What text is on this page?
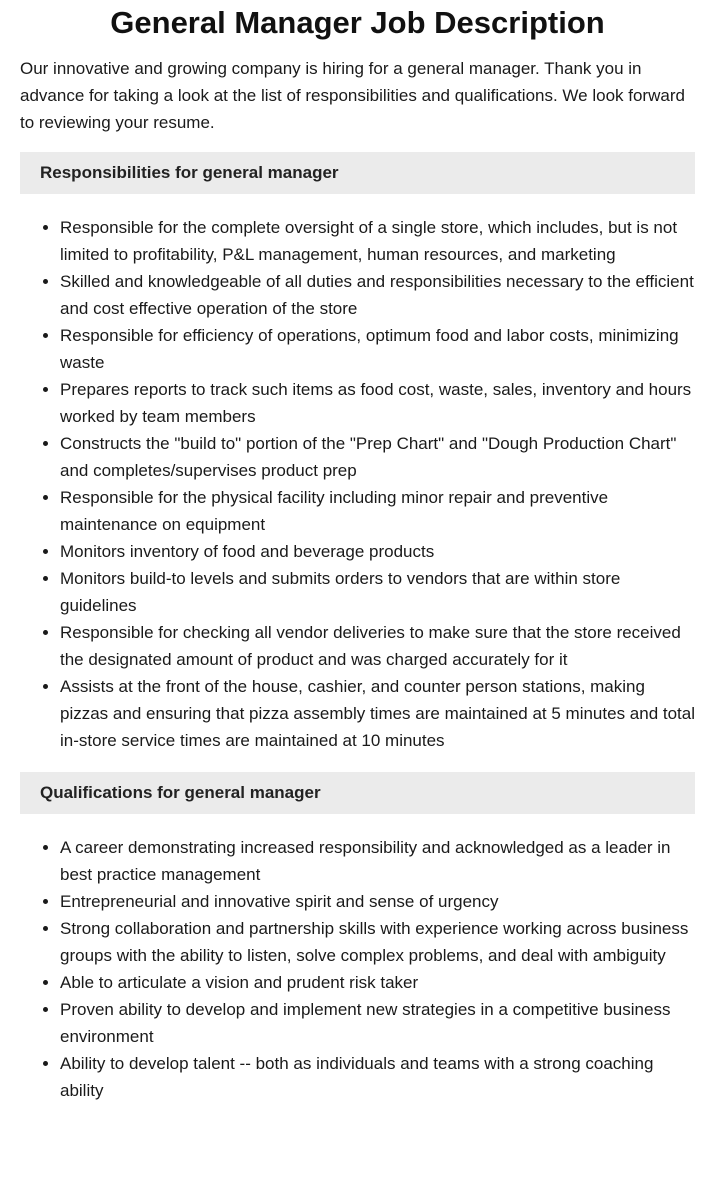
General Manager Job Description

Our innovative and growing company is hiring for a general manager. Thank you in advance for taking a look at the list of responsibilities and qualifications. We look forward to reviewing your resume.

Responsibilities for general manager
• Responsible for the complete oversight of a single store, which includes, but is not limited to profitability, P&L management, human resources, and marketing
• Skilled and knowledgeable of all duties and responsibilities necessary to the efficient and cost effective operation of the store
• Responsible for efficiency of operations, optimum food and labor costs, minimizing waste
• Prepares reports to track such items as food cost, waste, sales, inventory and hours worked by team members
• Constructs the "build to" portion of the "Prep Chart" and "Dough Production Chart" and completes/supervises product prep
• Responsible for the physical facility including minor repair and preventive maintenance on equipment
• Monitors inventory of food and beverage products
• Monitors build-to levels and submits orders to vendors that are within store guidelines
• Responsible for checking all vendor deliveries to make sure that the store received the designated amount of product and was charged accurately for it
• Assists at the front of the house, cashier, and counter person stations, making pizzas and ensuring that pizza assembly times are maintained at 5 minutes and total in-store service times are maintained at 10 minutes
Qualifications for general manager
• A career demonstrating increased responsibility and acknowledged as a leader in best practice management
• Entrepreneurial and innovative spirit and sense of urgency
• Strong collaboration and partnership skills with experience working across business groups with the ability to listen, solve complex problems, and deal with ambiguity
• Able to articulate a vision and prudent risk taker
• Proven ability to develop and implement new strategies in a competitive business environment
• Ability to develop talent -- both as individuals and teams with a strong coaching ability
